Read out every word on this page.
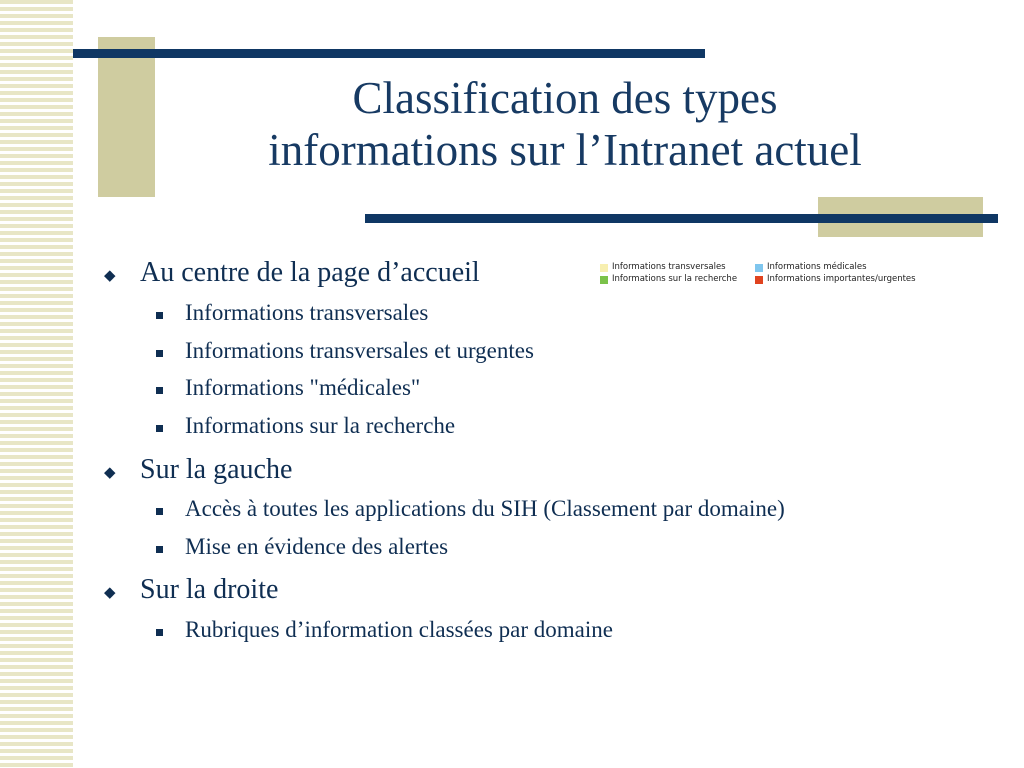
Classification des types
informations sur l’Intranet actuel
Informations transversales	Informations médicales
Informations sur la recherche	Informations importantes/urgentes
◆ Au centre de la page d’accueil
Informations transversales
Informations transversales et urgentes
Informations "médicales"
Informations sur la recherche
◆ Sur la gauche
Accès à toutes les applications du SIH (Classement par domaine)
Mise en évidence des alertes
◆ Sur la droite
Rubriques d’information classées par domaine
